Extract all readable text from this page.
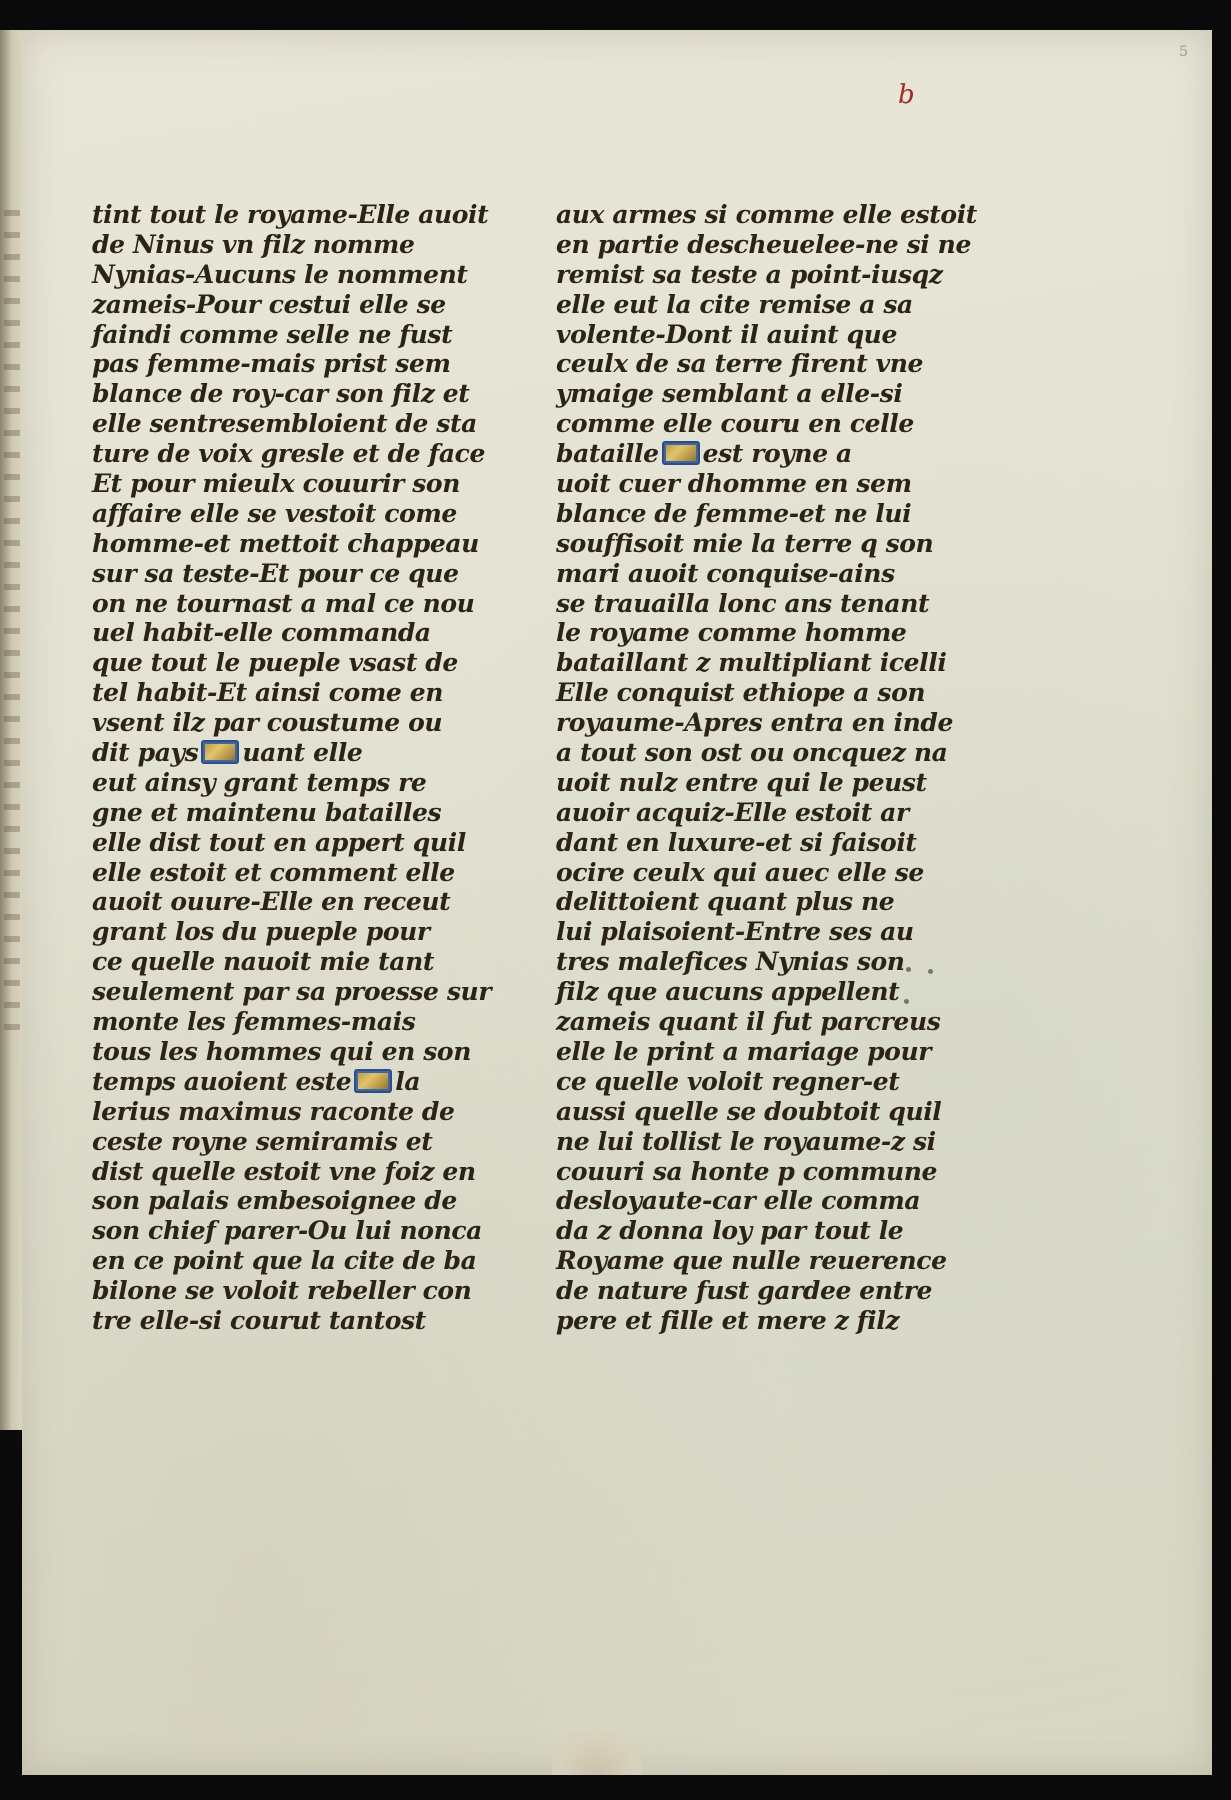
5
b
tint tout le royame-Elle auoit
de Ninus vn filz nomme
Nynias-Aucuns le nomment
zameis-Pour cestui elle se
faindi comme selle ne fust
pas femme-mais prist sem
blance de roy-car son filz et
elle sentresembloient de sta
ture de voix gresle et de face
Et pour mieulx couurir son
affaire elle se vestoit come
homme-et mettoit chappeau
sur sa teste-Et pour ce que
on ne tournast a mal ce nou
uel habit-elle commanda
que tout le pueple vsast de
tel habit-Et ainsi come en
vsent ilz par coustume ou
dit pays uant elle
eut ainsy grant temps re
gne et maintenu batailles
elle dist tout en appert quil
elle estoit et comment elle
auoit ouure-Elle en receut
grant los du pueple pour
ce quelle nauoit mie tant
seulement par sa proesse sur
monte les femmes-mais
tous les hommes qui en son
temps auoient este la
lerius maximus raconte de
ceste royne semiramis et
dist quelle estoit vne foiz en
son palais embesoignee de
son chief parer-Ou lui nonca
en ce point que la cite de ba
bilone se voloit rebeller con
tre elle-si courut tantost
aux armes si comme elle estoit
en partie descheuelee-ne si ne
remist sa teste a point-iusqz
elle eut la cite remise a sa
volente-Dont il auint que
ceulx de sa terre firent vne
ymaige semblant a elle-si
comme elle couru en celle
bataille est royne a
uoit cuer dhomme en sem
blance de femme-et ne lui
souffisoit mie la terre q son
mari auoit conquise-ains
se trauailla lonc ans tenant
le royame comme homme
bataillant z multipliant icelli
Elle conquist ethiope a son
royaume-Apres entra en inde
a tout son ost ou oncquez na
uoit nulz entre qui le peust
auoir acquiz-Elle estoit ar
dant en luxure-et si faisoit
ocire ceulx qui auec elle se
delittoient quant plus ne
lui plaisoient-Entre ses au
tres malefices Nynias son
filz que aucuns appellent
zameis quant il fut parcreus
elle le print a mariage pour
ce quelle voloit regner-et
aussi quelle se doubtoit quil
ne lui tollist le royaume-z si
couuri sa honte p commune
desloyaute-car elle comma
da z donna loy par tout le
Royame que nulle reuerence
de nature fust gardee entre
pere et fille et mere z filz
